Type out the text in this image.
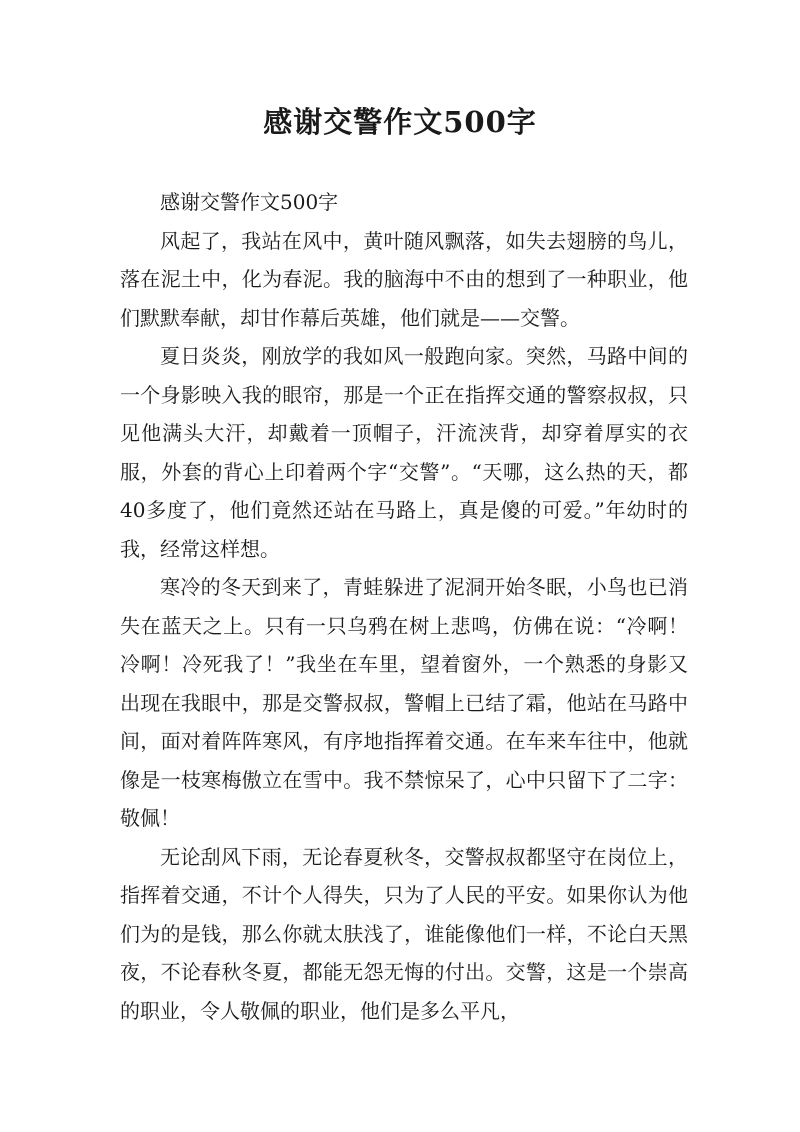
感谢交警作文500字

感谢交警作文500字

风起了，我站在风中，黄叶随风飘落，如失去翅膀的鸟儿，落在泥土中，化为春泥。我的脑海中不由的想到了一种职业，他们默默奉献，却甘作幕后英雄，他们就是——交警。

夏日炎炎，刚放学的我如风一般跑向家。突然，马路中间的一个身影映入我的眼帘，那是一个正在指挥交通的警察叔叔，只见他满头大汗，却戴着一顶帽子，汗流浃背，却穿着厚实的衣服，外套的背心上印着两个字“交警”。“天哪，这么热的天，都40多度了，他们竟然还站在马路上，真是傻的可爱。”年幼时的我，经常这样想。

寒冷的冬天到来了，青蛙躲进了泥洞开始冬眠，小鸟也已消失在蓝天之上。只有一只乌鸦在树上悲鸣，仿佛在说：“冷啊！冷啊！冷死我了！”我坐在车里，望着窗外，一个熟悉的身影又出现在我眼中，那是交警叔叔，警帽上已结了霜，他站在马路中间，面对着阵阵寒风，有序地指挥着交通。在车来车往中，他就像是一枝寒梅傲立在雪中。我不禁惊呆了，心中只留下了二字：敬佩！

无论刮风下雨，无论春夏秋冬，交警叔叔都坚守在岗位上，指挥着交通，不计个人得失，只为了人民的平安。如果你认为他们为的是钱，那么你就太肤浅了，谁能像他们一样，不论白天黑夜，不论春秋冬夏，都能无怨无悔的付出。交警，这是一个崇高的职业，令人敬佩的职业，他们是多么平凡，
